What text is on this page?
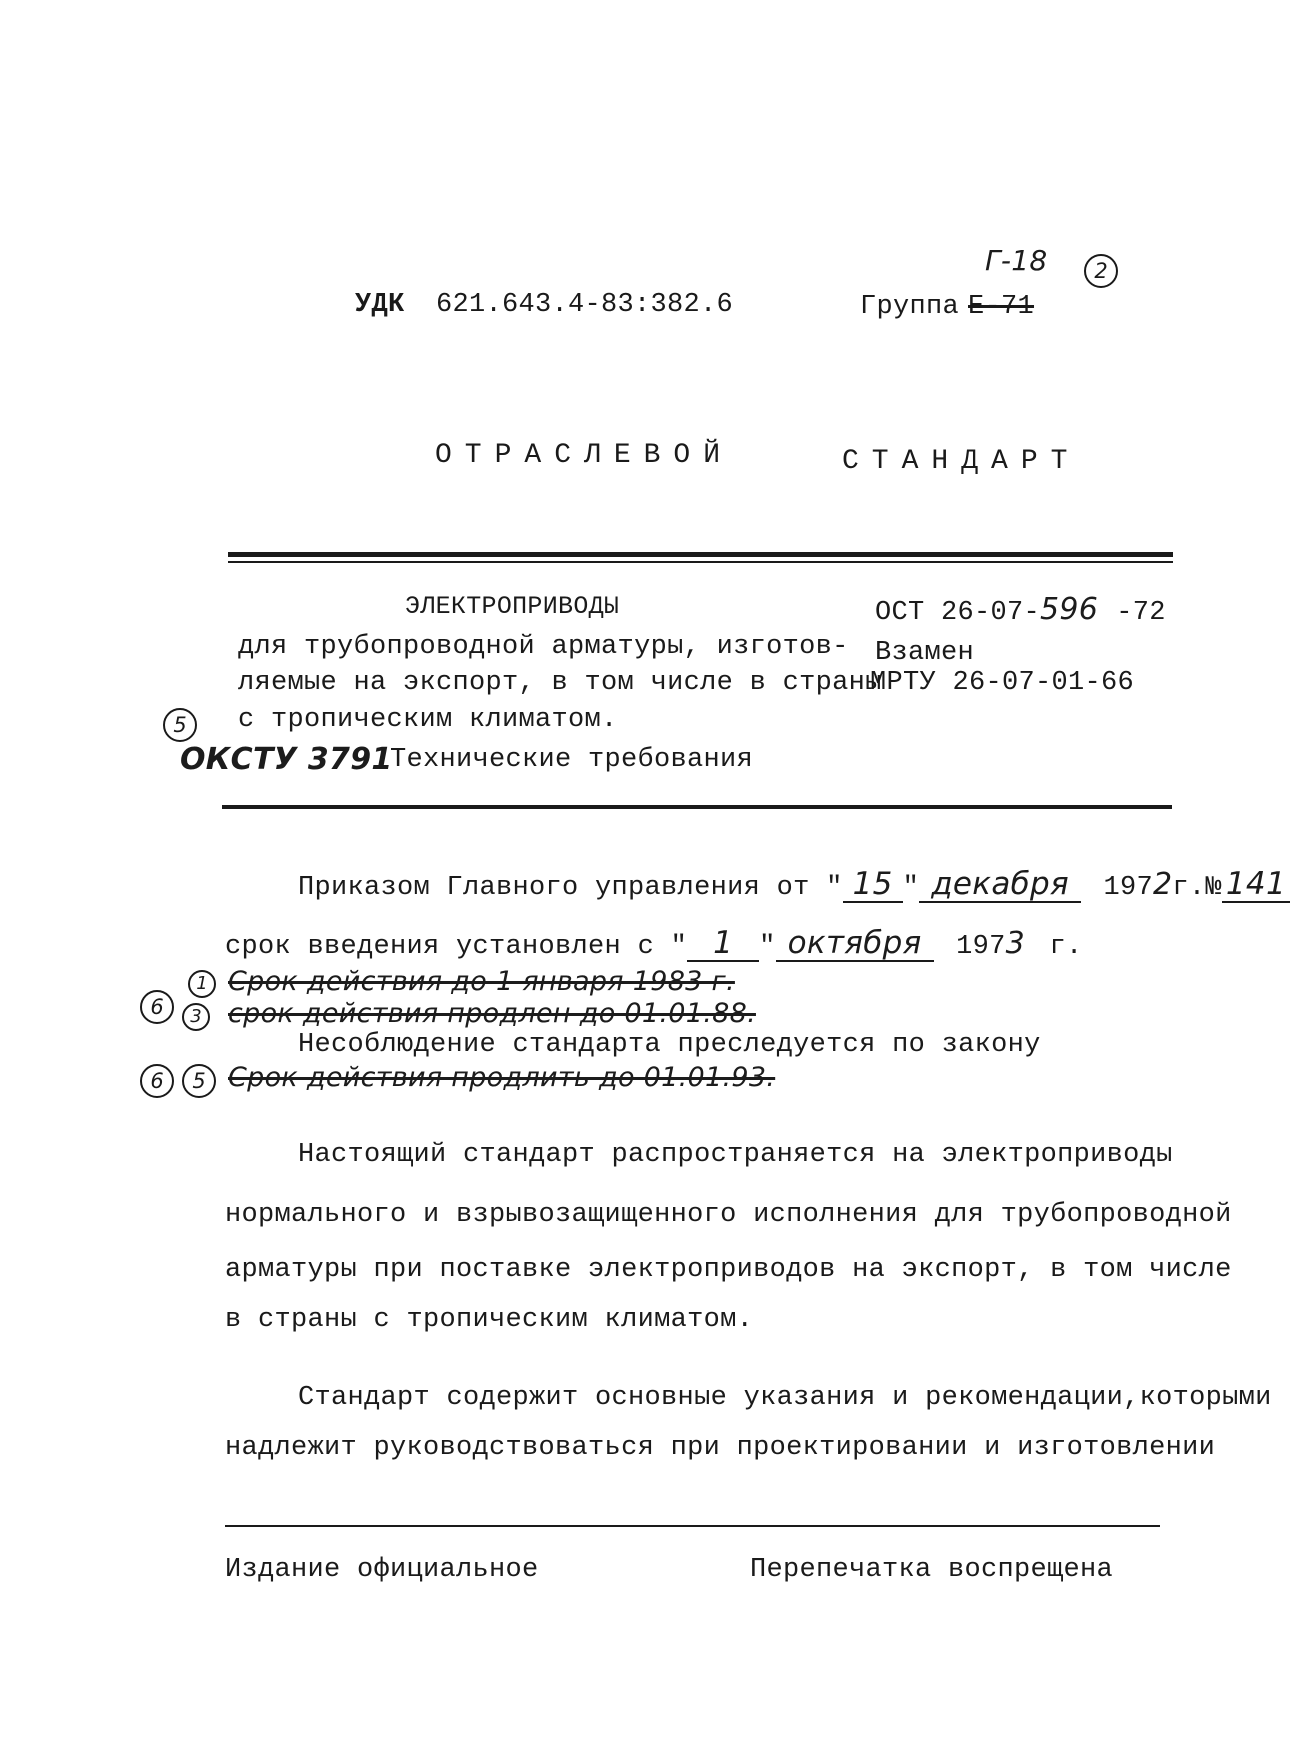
УДК 621.643.4-83:382.6
Г-18	2
Группа Е-71
ОТРАСЛЕВОЙ	СТАНДАРТ
ЭЛЕКТРОПРИВОДЫ
для трубопроводной арматуры, изготов-
ляемые на экспорт, в том числе в страны
с тропическим климатом.
5
ОКСТУ 3791
Технические требования
ОСТ 26-07-596 -72
Взамен
МРТУ 26-07-01-66
Приказом Главного управления от " 15 " декабря 1972г.№ 141
срок введения установлен с " 1 " октября 1973 г.
1 Срок действия до 1 января 1983 г.
6	3 срок действия продлен до 01.01.88.
Несоблюдение стандарта преследуется по закону
6	5 Срок действия продлить до 01.01.93.
Настоящий стандарт распространяется на электроприводы
нормального и взрывозащищенного исполнения для трубопроводной
арматуры при поставке электроприводов на экспорт, в том числе
в страны с тропическим климатом.
Стандарт содержит основные указания и рекомендации,которыми
надлежит руководствоваться при проектировании и изготовлении
Издание официальное	Перепечатка воспрещена
